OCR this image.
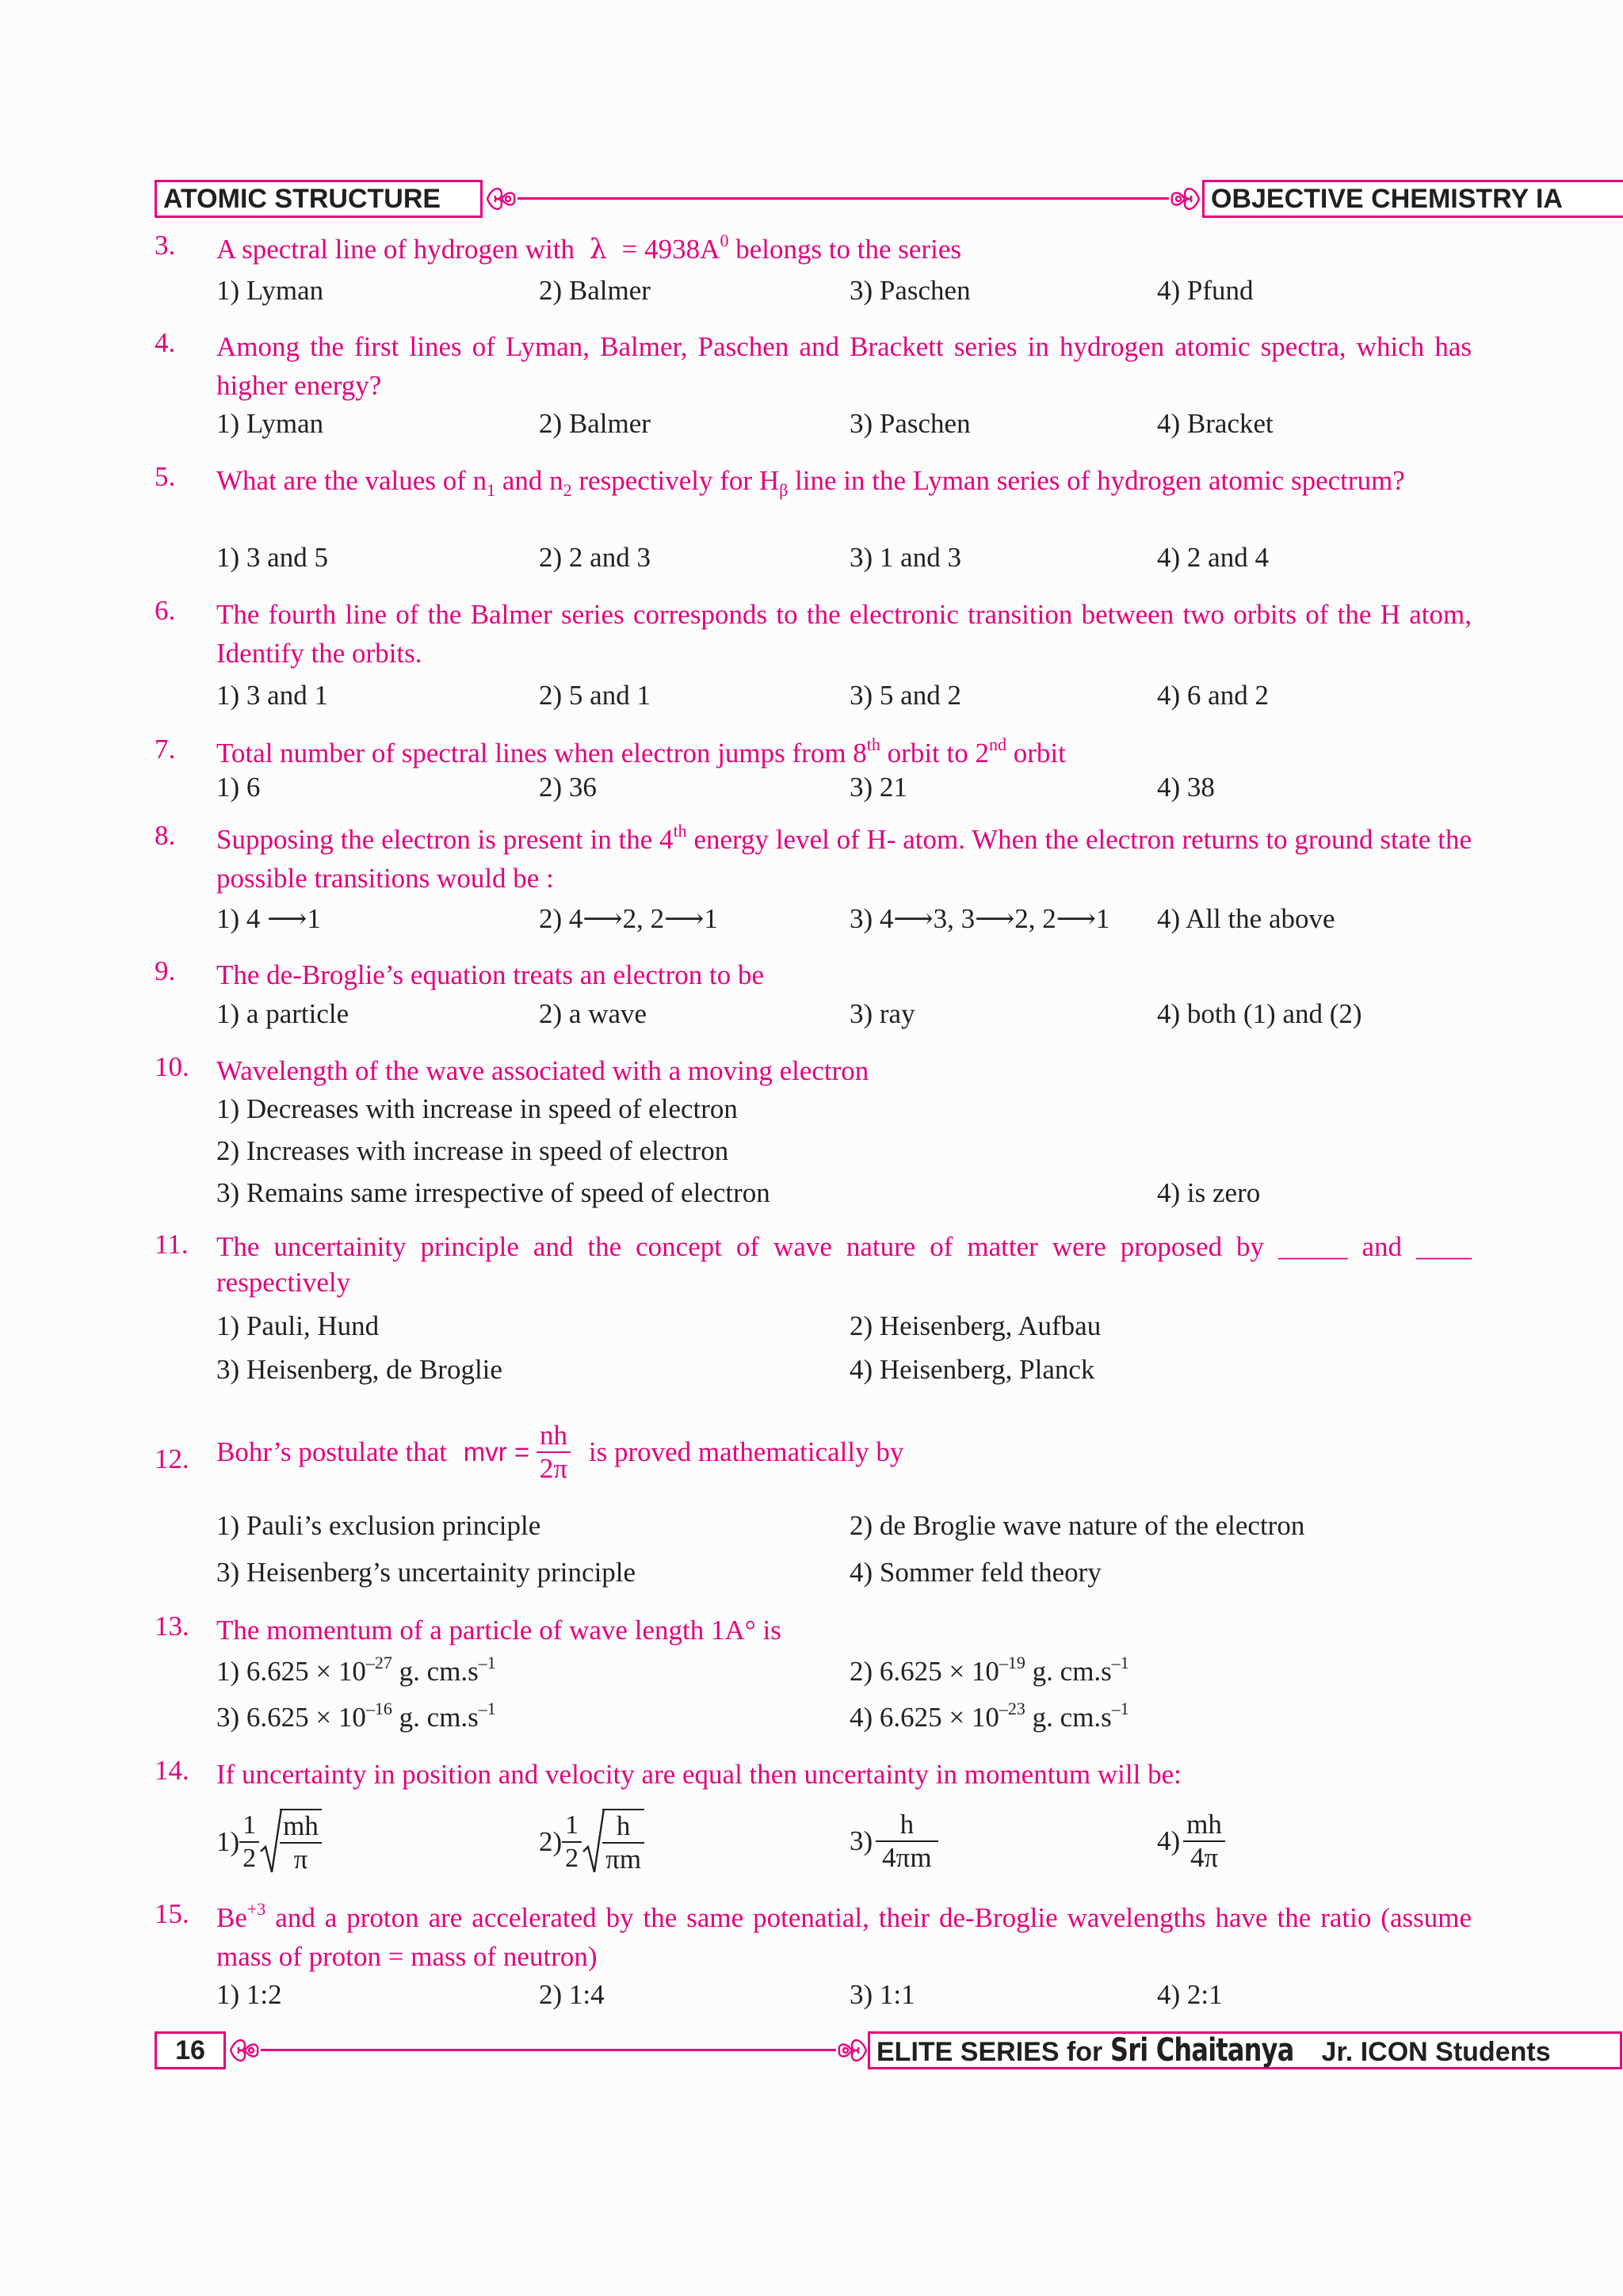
ATOMIC STRUCTURE	OBJECTIVE CHEMISTRY IA
3. A spectral line of hydrogen with $\lambda = 4938A^0$ belongs to the series
1) Lyman	2) Balmer	3) Paschen	4) Pfund
4. Among the first lines of Lyman, Balmer, Paschen and Brackett series in hydrogen atomic spectra, which has higher energy?
1) Lyman	2) Balmer	3) Paschen	4) Bracket
5. What are the values of $n_1$ and $n_2$ respectively for $H_\beta$ line in the Lyman series of hydrogen atomic spectrum?
1) 3 and 5	2) 2 and 3	3) 1 and 3	4) 2 and 4
6. The fourth line of the Balmer series corresponds to the electronic transition between two orbits of the H atom, Identify the orbits.
1) 3 and 1	2) 5 and 1	3) 5 and 2	4) 6 and 2
7. Total number of spectral lines when electron jumps from 8th orbit to 2nd orbit
1) 6	2) 36	3) 21	4) 38
8. Supposing the electron is present in the 4th energy level of H- atom. When the electron returns to ground state the possible transitions would be :
1) 4 ⟶1	2) 4⟶2, 2⟶1	3) 4⟶3, 3⟶2, 2⟶1 4) All the above
9. The de-Broglie’s equation treats an electron to be
1) a particle	2) a wave	3) ray	4) both (1) and (2)
10. Wavelength of the wave associated with a moving electron
1) Decreases with increase in speed of electron
2) Increases with increase in speed of electron
3) Remains same irrespective of speed of electron	4) is zero
11. The uncertainity principle and the concept of wave nature of matter were proposed by _____ and ____ respectively
1) Pauli, Hund	2) Heisenberg, Aufbau
3) Heisenberg, de Broglie	4) Heisenberg, Planck
12. Bohr’s postulate that mvr = $\frac{nh}{2\pi}$ is proved mathematically by
1) Pauli’s exclusion principle	2) de Broglie wave nature of the electron
3) Heisenberg’s uncertainity principle	4) Sommer feld theory
13. The momentum of a particle of wave length 1A° is
1) $6.625 \times 10^{-27}$ g. $cm.s^{-1}$	2) $6.625 \times 10^{-19}$ g. $cm.s^{-1}$
3) $6.625 \times 10^{-16}$ g. $cm.s^{-1}$	4) $6.625 \times 10^{-23}$ g. $cm.s^{-1}$
14. If uncertainty in position and velocity are equal then uncertainty in momentum will be:
$1) \frac{1}{2} \frac{mh}{\pi}$	$2) \frac{1}{2} \frac{h}{\pi m}$	$3) \frac{h}{4\pi m}$	$4) \frac{mh}{4\pi}$
15. $Be^{+3}$ and a proton are accelerated by the same potenatial, their de-Broglie wavelengths have the ratio (assume mass of proton = mass of neutron)
1) 1:2	2) 1:4	3) 1:1	4) 2:1
16	ELITE SERIES for Sri Chaitanya Jr. ICON Students
